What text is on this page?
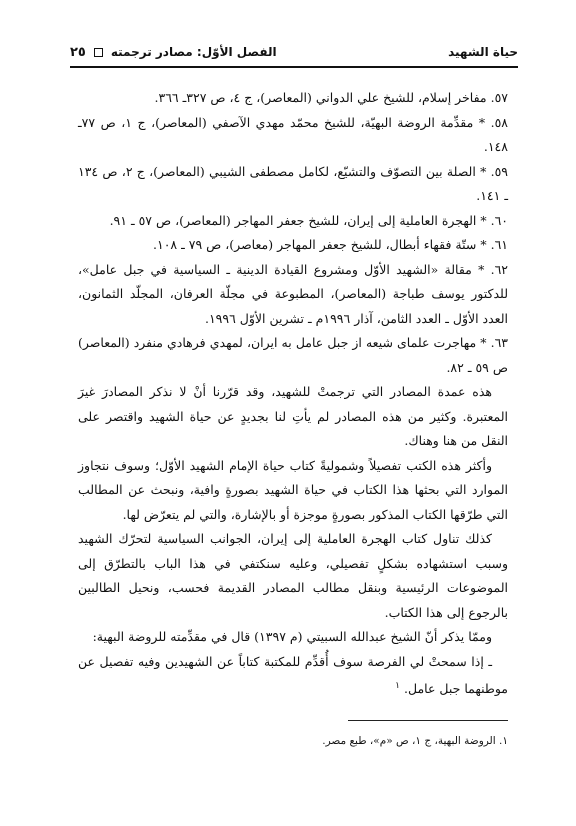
حياة الشهيد
الفصل الأوّل: مصادر ترجمته
٢٥
٥٧. مفاخر إسلام، للشيخ علي الدواني (المعاصر)، ج ٤، ص ٣٢٧ـ ٣٦٦.
٥٨. * مقدِّمة الروضة البهيّة، للشيخ محمّد مهدي الآصفي (المعاصر)، ج ١، ص ٧٧ـ ١٤٨.
٥٩. * الصلة بين التصوّف والتشيّع، لكامل مصطفى الشيبي (المعاصر)، ج ٢، ص ١٣٤ ـ ١٤١.
٦٠. * الهجرة العاملية إلى إيران، للشيخ جعفر المهاجر (المعاصر)، ص ٥٧ ـ ٩١.
٦١. * ستّة فقهاء أبطال، للشيخ جعفر المهاجر (معاصر)، ص ٧٩ ـ ١٠٨.
٦٢. * مقالة «الشهيد الأوّل ومشروع القيادة الدينية ـ السياسية في جبل عامل»، للدكتور يوسف طباجة (المعاصر)، المطبوعة في مجلّة العرفان، المجلّد الثمانون، العدد الأوّل ـ العدد الثامن، آذار ١٩٩٦م ـ تشرين الأوّل ١٩٩٦.
٦٣. * مهاجرت علمای شیعه از جبل عامل به ایران، لمهدي فرهادي منفرد (المعاصر) ص ٥٩ ـ ٨٢.

هذه عمدة المصادر التي ترجمتْ للشهيد، وقد قرّرنا أنْ لا نذكر المصادرَ غيرَ المعتبرة. وكثير من هذه المصادر لم يأتِ لنا بجديدٍ عن حياة الشهيد واقتصر على النقل من هنا وهناك.

وأكثر هذه الكتب تفصيلاً وشموليةً كتاب حياة الإمام الشهيد الأوّل؛ وسوف نتجاوز الموارد التي بحثها هذا الكتاب في حياة الشهيد بصورةٍ وافية، ونبحث عن المطالب التي طرّقها الكتاب المذكور بصورةٍ موجزة أو بالإشارة، والتي لم يتعرّض لها.

كذلك تناول كتاب الهجرة العاملية إلى إيران، الجوانب السياسية لتحرّك الشهيد وسبب استشهاده بشكلٍ تفصيلي، وعليه سنكتفي في هذا الباب بالتطرّق إلى الموضوعات الرئيسية وبنقل مطالب المصادر القديمة فحسب، ونحيل الطالبين بالرجوع إلى هذا الكتاب.

وممّا يذكر أنّ الشيخ عبدالله السبيتي (م ١٣٩٧) قال في مقدِّمته للروضة البهية:

ـ إذا سمحتْ لي الفرصة سوف أُقدِّم للمكتبة كتاباً عن الشهيدين وفيه تفصيل عن موطنهما جبل عامل.$^١$

١. الروضة البهية، ج ١، ص «م»، طبع مصر.
